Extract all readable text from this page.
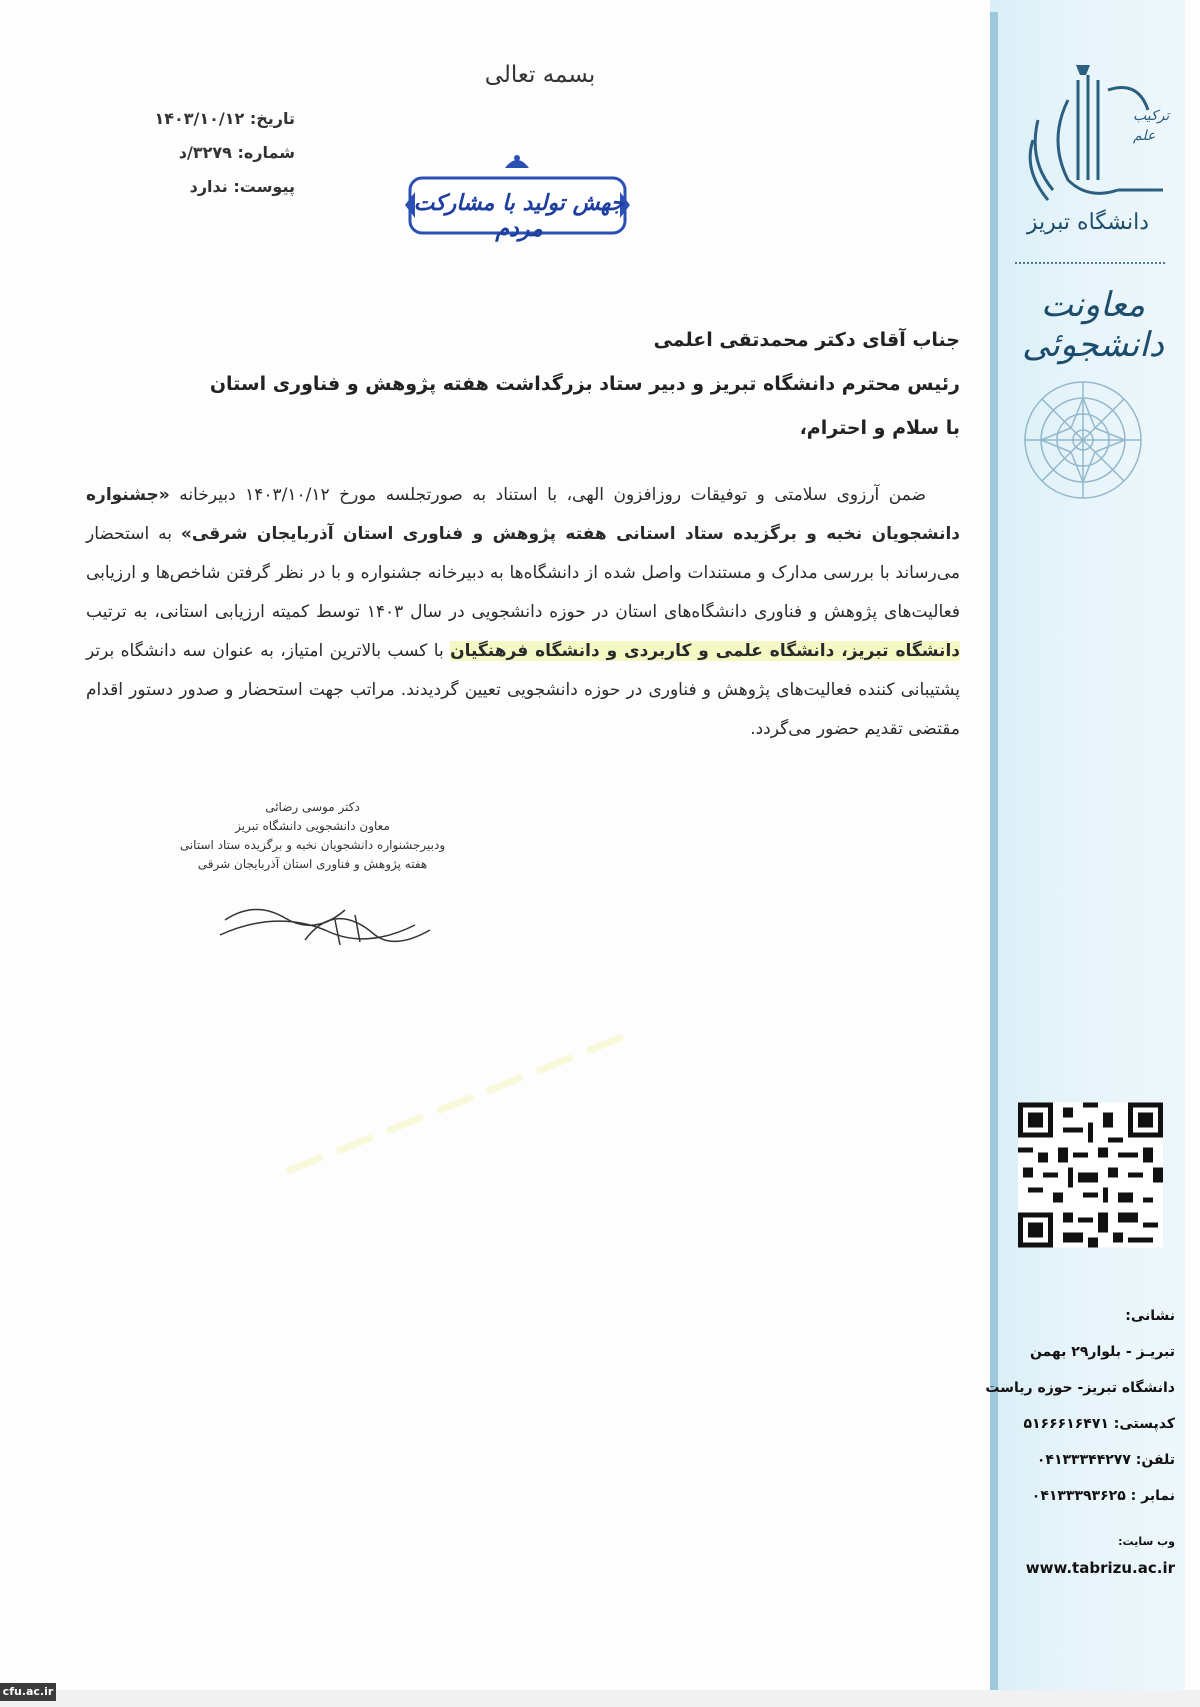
ترکیب
علم
دانشگاه تبریز
معاونت دانشجوئی
نشانی:
تبریـز - بلوار۲۹ بهمن
دانشگاه تبریز- حوزه ریاست
کدپستی: ۵۱۶۶۶۱۶۴۷۱
تلفن: ۰۴۱۳۳۳۴۴۲۷۷
نمابر : ۰۴۱۳۳۳۹۳۶۲۵
وب سایت:
www.tabrizu.ac.ir
بسمه تعالی
تاریخ: ۱۴۰۳/۱۰/۱۲
شماره: ۳۲۷۹/د
پیوست: ندارد
جهش تولید با مشارکت مردم
جناب آقای دکتر محمدتقی اعلمی
رئیس محترم دانشگاه تبریز و دبیر ستاد بزرگداشت هفته پژوهش و فناوری استان
با سلام و احترام،

  ضمن آرزوی سلامتی و توفیقات روزافزون الهی، با استناد به صورتجلسه مورخ ۱۴۰۳/۱۰/۱۲ دبیرخانه «جشنواره دانشجویان نخبه و برگزیده ستاد استانی هفته پژوهش و فناوری استان آذربایجان شرقی» به استحضار می‌رساند با بررسی مدارک و مستندات واصل شده از دانشگاه‌ها به دبیرخانه جشنواره و با در نظر گرفتن شاخص‌ها و ارزیابی فعالیت‌های پژوهش و فناوری دانشگاه‌های استان در حوزه دانشجویی در سال ۱۴۰۳ توسط کمیته ارزیابی استانی، به ترتیب دانشگاه تبریز، دانشگاه علمی و کاربردی و دانشگاه فرهنگیان با کسب بالاترین امتیاز، به عنوان سه دانشگاه برتر پشتیبانی کننده فعالیت‌های پژوهش و فناوری در حوزه دانشجویی تعیین گردیدند. مراتب جهت استحضار و صدور دستور اقدام مقتضی تقدیم حضور می‌گردد.

دکتر موسی رضائی
معاون دانشجویی دانشگاه تبریز
ودبیرجشنواره دانشجویان نخبه و برگزیده ستاد استانی
هفته پژوهش و فناوری استان آذربایجان شرقی
cfu.ac.ir
